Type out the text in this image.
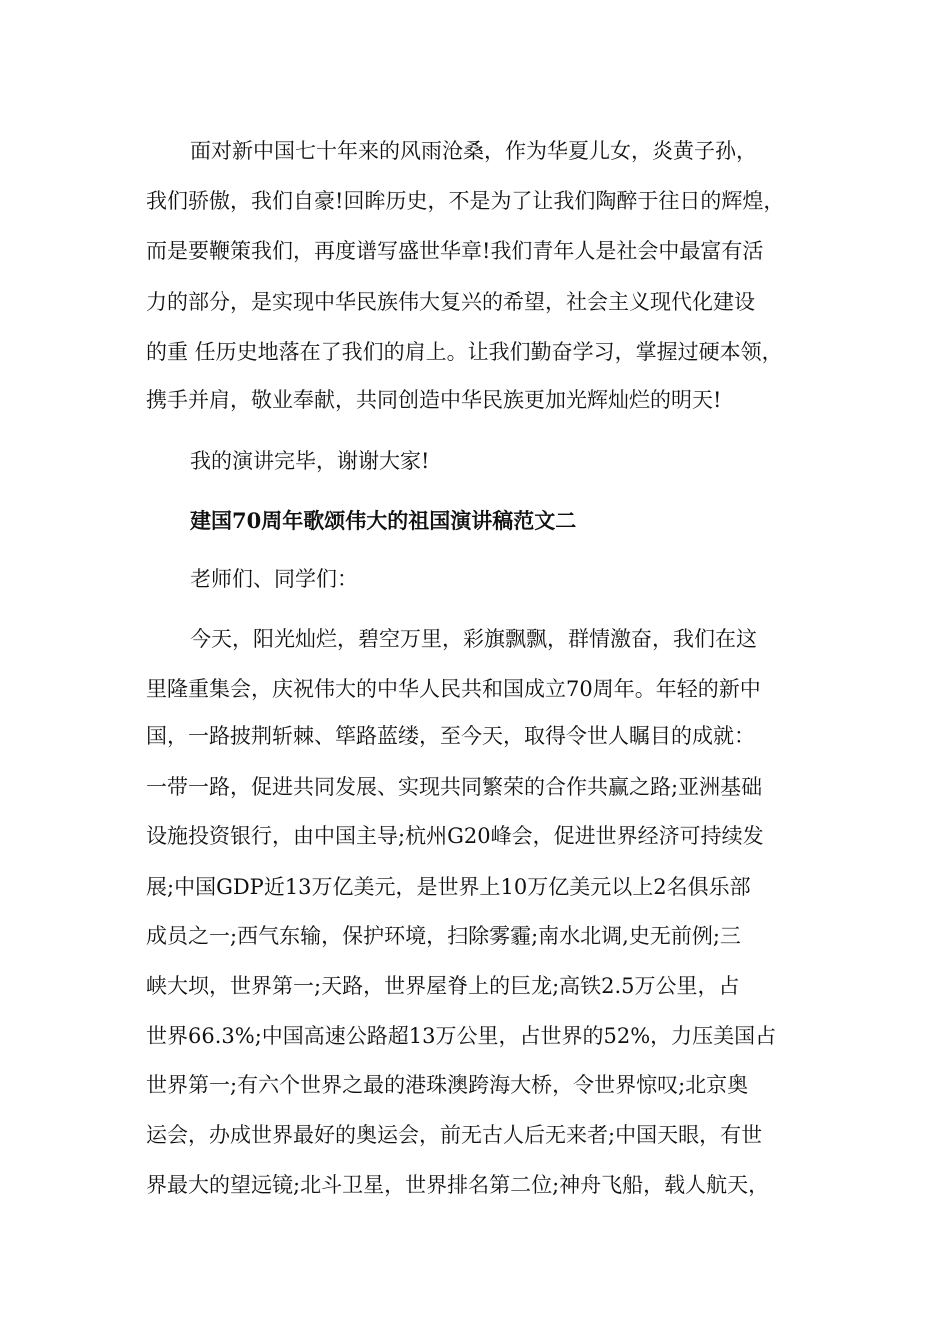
面对新中国七十年来的风雨沧桑，作为华夏儿女，炎黄子孙，
我们骄傲，我们自豪!回眸历史，不是为了让我们陶醉于往日的辉煌，
而是要鞭策我们，再度谱写盛世华章!我们青年人是社会中最富有活
力的部分，是实现中华民族伟大复兴的希望，社会主义现代化建设
的重 任历史地落在了我们的肩上。让我们勤奋学习，掌握过硬本领，
携手并肩，敬业奉献，共同创造中华民族更加光辉灿烂的明天!
我的演讲完毕，谢谢大家!
建国70周年歌颂伟大的祖国演讲稿范文二
老师们、同学们：
今天，阳光灿烂，碧空万里，彩旗飘飘，群情激奋，我们在这
里隆重集会，庆祝伟大的中华人民共和国成立70周年。年轻的新中
国，一路披荆斩棘、筚路蓝缕，至今天，取得令世人瞩目的成就：
一带一路，促进共同发展、实现共同繁荣的合作共赢之路;亚洲基础
设施投资银行，由中国主导;杭州G20峰会，促进世界经济可持续发
展;中国GDP近13万亿美元，是世界上10万亿美元以上2名俱乐部
成员之一;西气东输，保护环境，扫除雾霾;南水北调,史无前例;三
峡大坝，世界第一;天路，世界屋脊上的巨龙;高铁2.5万公里，占
世界66.3%;中国高速公路超13万公里，占世界的52%，力压美国占
世界第一;有六个世界之最的港珠澳跨海大桥，令世界惊叹;北京奥
运会，办成世界最好的奥运会，前无古人后无来者;中国天眼，有世
界最大的望远镜;北斗卫星，世界排名第二位;神舟飞船，载人航天，
